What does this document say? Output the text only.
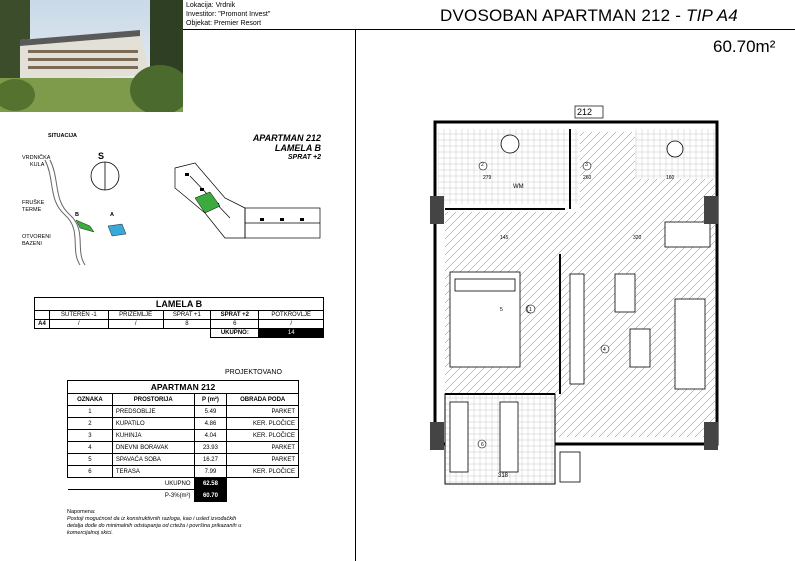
Lokacija: Vrdnik
Investitor: "Promont Invest"
Objekat: Premier Resort	DVOSOBAN APARTMAN 212 - TIP A4
60.70m²
SITUACIJA
S
VRDNIČKA
KULA
FRUŠKE
TERME
OTVORENI
BAZENI
B	A
APARTMAN 212
LAMELA B
SPRAT +2
LAMELA B					
	SUTEREN -1	PRIZEMLJE	SPRAT +1	SPRAT +2	POTKROVLJE
A4	/	/	8	6	/
				UKUPNO:	14
PROJEKTOVANO
APARTMAN 212			
OZNAKA	PROSTORIJA	P (m²)	OBRADA PODA
1	PREDSOBLJE	5.49	PARKET
2	KUPATILO	4.86	KER. PLOČICE
3	KUHINJA	4.04	KER. PLOČICE
4	DNEVNI BORAVAK	23.93	PARKET
5	SPAVAĆA SOBA	16.27	PARKET
6	TERASA	7.99	KER. PLOČICE
UKUPNO		62.58	
P-3%(m²)		60.70	
Napomena:
Postoji mogućnost da iz konstruktivnih razloga, kao i usled izvođačkih
detalja dođe do minimalnih odstupanja od crteža i površina prikazanih u
komercijalnoj skici.
212
WM
2	3
1
4
6
5
279	260
145	320
160
318
